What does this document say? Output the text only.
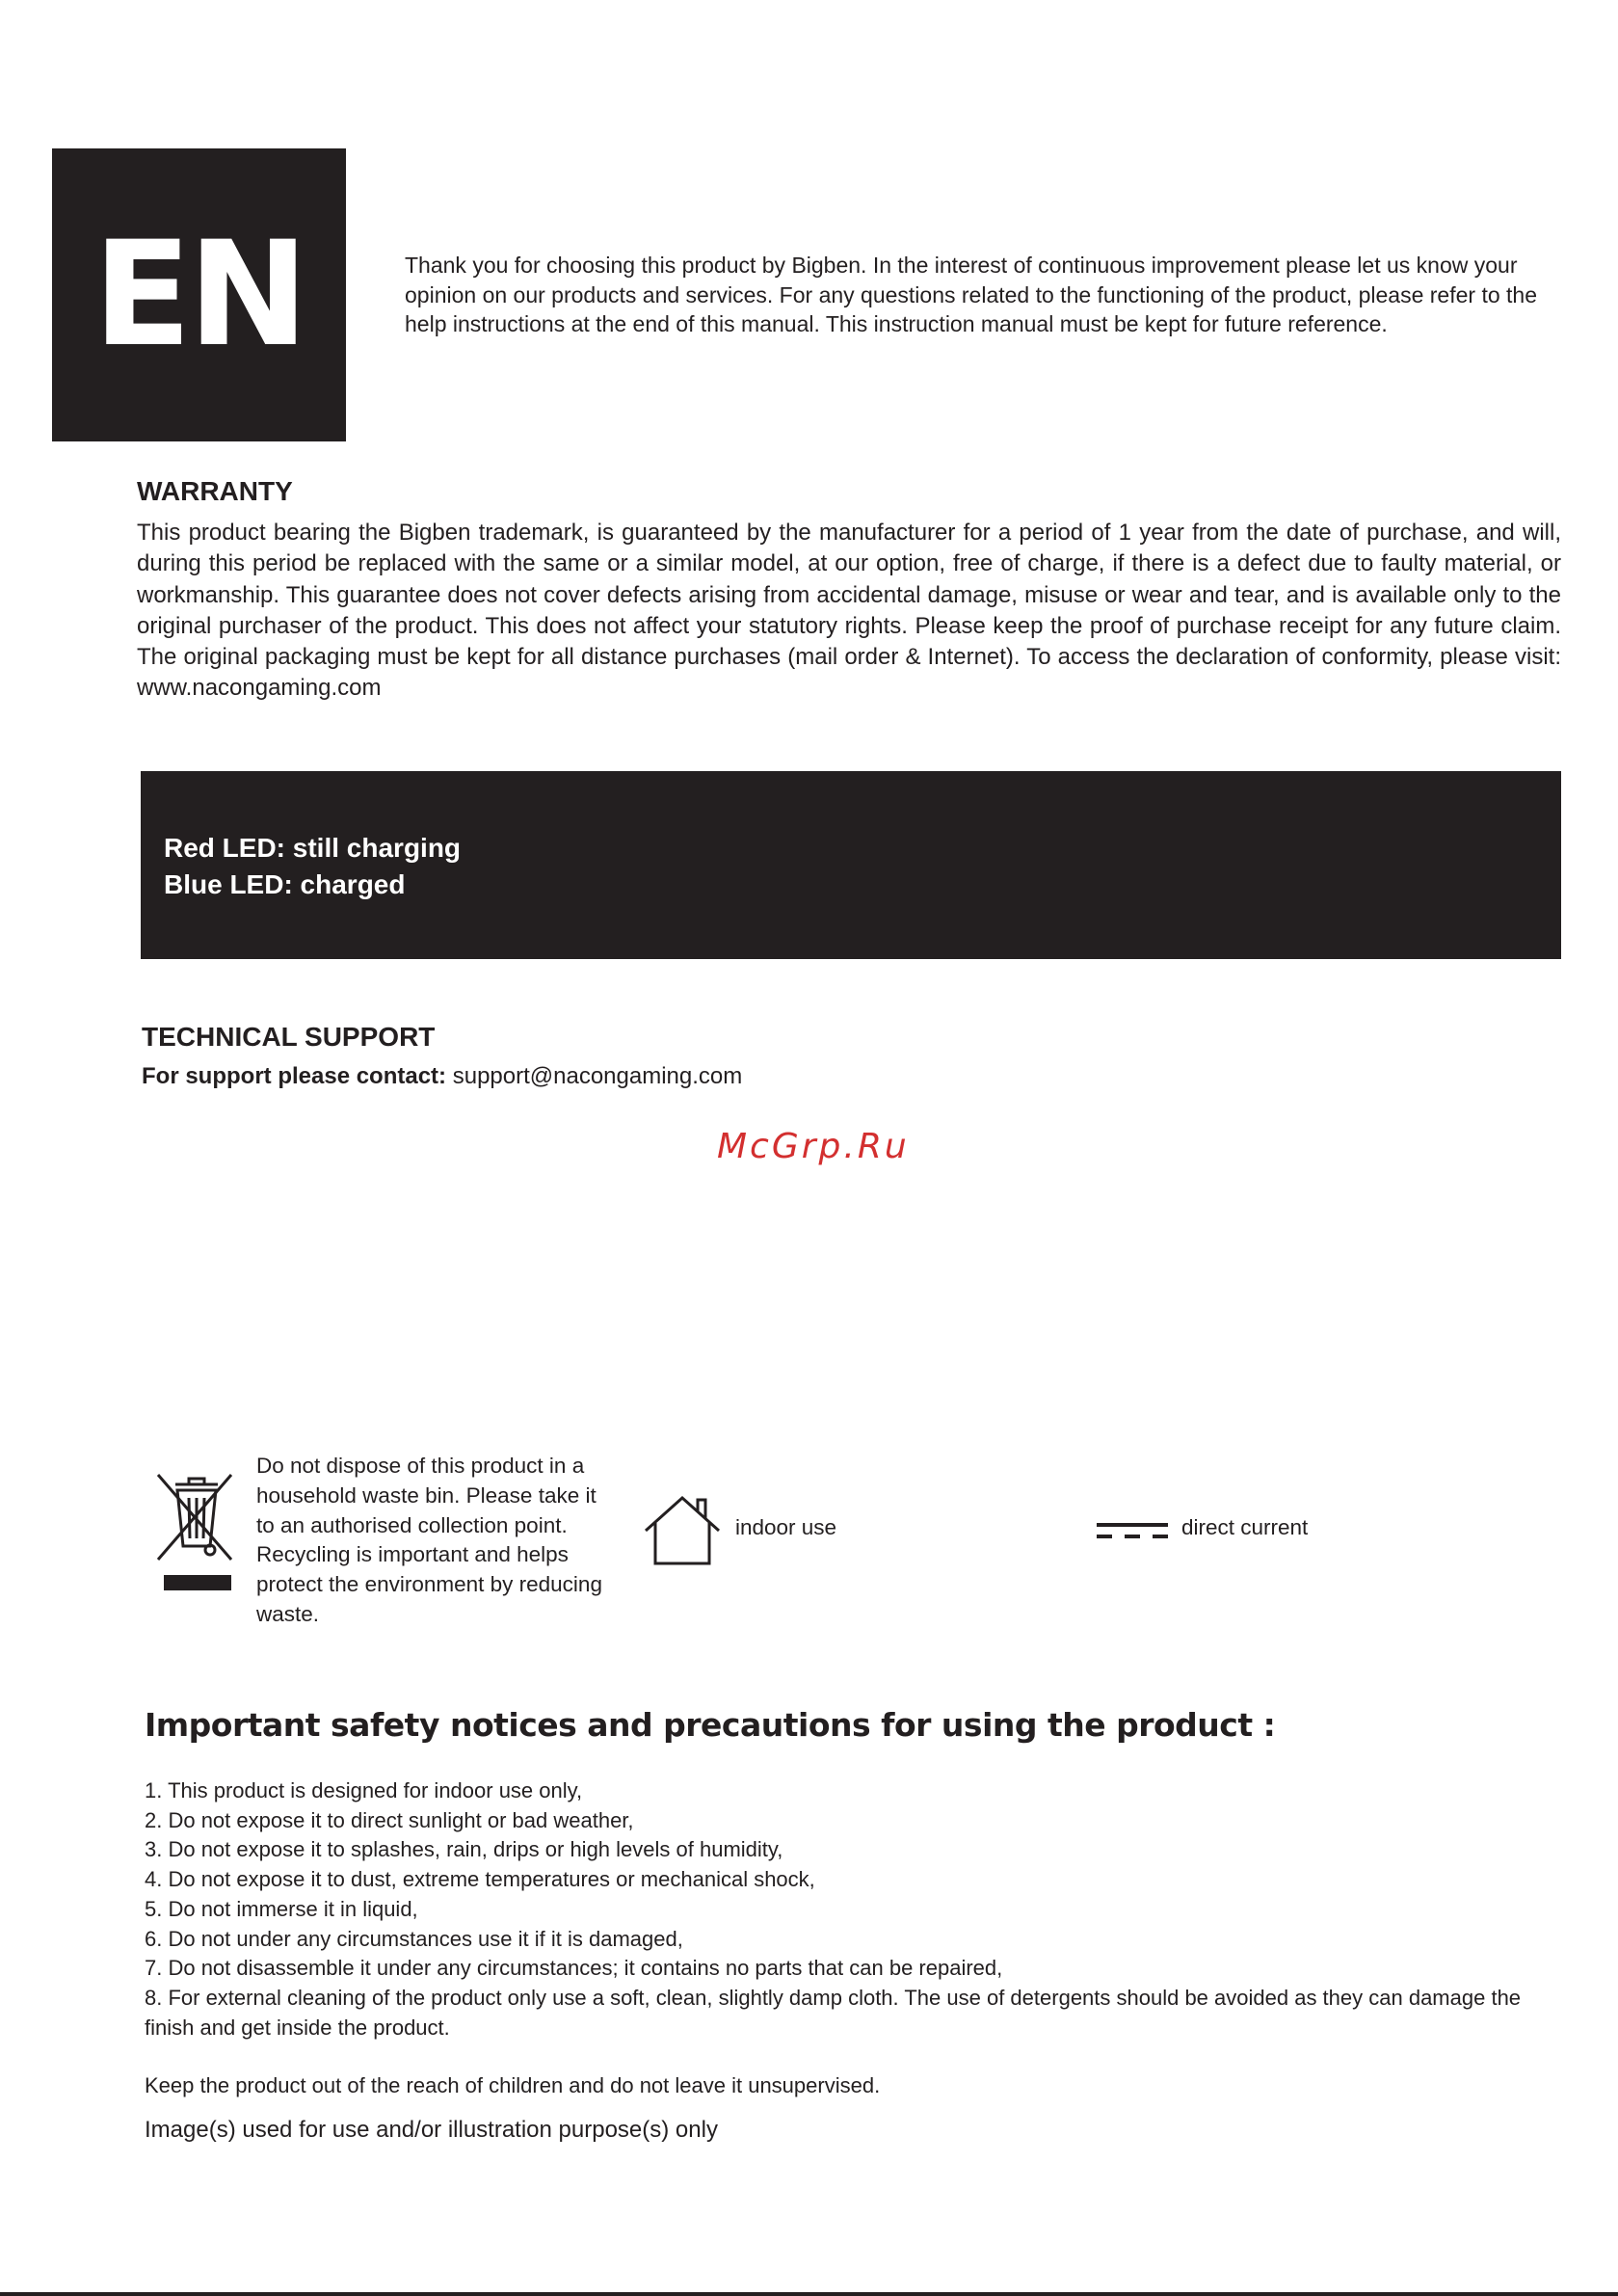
EN	Thank you for choosing this product by Bigben. In the interest of continuous improvement please let us know your opinion on our products and services. For any questions related to the functioning of the product, please refer to the help instructions at the end of this manual. This instruction manual must be kept for future reference.
WARRANTY
This product bearing the Bigben trademark, is guaranteed by the manufacturer for a period of 1 year from the date of purchase, and will, during this period be replaced with the same or a similar model, at our option, free of charge, if there is a defect due to faulty material, or workmanship. This guarantee does not cover defects arising from accidental damage, misuse or wear and tear, and is available only to the original purchaser of the product. This does not affect your statutory rights. Please keep the proof of purchase receipt for any future claim. The original packaging must be kept for all distance purchases (mail order & Internet). To access the declaration of conformity, please visit: www.nacongaming.com
Red LED: still charging
Blue LED: charged
TECHNICAL SUPPORT
For support please contact: support@nacongaming.com
McGrp.Ru
Do not dispose of this product in a household waste bin. Please take it to an authorised collection point. Recycling is important and helps protect the environment by reducing waste.
indoor use	direct current
Important safety notices and precautions for using the product :
1. This product is designed for indoor use only,
2. Do not expose it to direct sunlight or bad weather,
3. Do not expose it to splashes, rain, drips or high levels of humidity,
4. Do not expose it to dust, extreme temperatures or mechanical shock,
5. Do not immerse it in liquid,
6. Do not under any circumstances use it if it is damaged,
7. Do not disassemble it under any circumstances; it contains no parts that can be repaired,
8. For external cleaning of the product only use a soft, clean, slightly damp cloth. The use of detergents should be avoided as they can damage the finish and get inside the product.
Keep the product out of the reach of children and do not leave it unsupervised.
Image(s) used for use and/or illustration purpose(s) only
